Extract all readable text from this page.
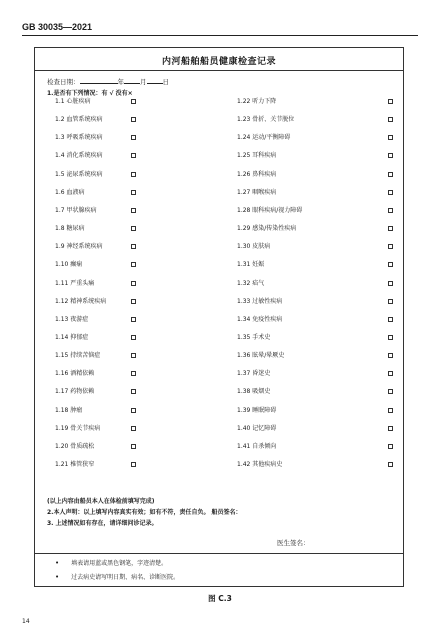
GB 30035—2021
内河船舶船员健康检查记录
检查日期：	年 月 日
1.是否有下列情况：有 √ 没有×
1.1 心脏疾病
1.2 血管系统疾病
1.3 呼吸系统疾病
1.4 消化系统疾病
1.5 泌尿系统疾病
1.6 血液病
1.7 甲状腺疾病
1.8 糖尿病
1.9 神经系统疾病
1.10 癫痫
1.11 严重头痛
1.12 精神系统疾病
1.13 夜游症
1.14 抑郁症
1.15 持续苦恼症
1.16 酒精依赖
1.17 药物依赖
1.18 肿瘤
1.19 骨关节疾病
1.20 骨质疏松
1.21 椎管狭窄
1.22 听力下降
1.23 骨折、关节脱位
1.24 运动/平衡障碍
1.25 耳科疾病
1.26 鼻科疾病
1.27 咽喉疾病
1.28 眼科疾病/视力障碍
1.29 感染/传染性疾病
1.30 皮肤病
1.31 妊娠
1.32 疝气
1.33 过敏性疾病
1.34 免疫性疾病
1.35 手术史
1.36 眩晕/晕厥史
1.37 昏迷史
1.38 吸烟史
1.39 睡眠障碍
1.40 记忆障碍
1.41 自杀倾向
1.42 其他疾病史
(以上内容由船员本人在体检前填写完成)
2.本人声明：以上填写内容真实有效；如有不符，责任自负。 船员签名：
3. 上述情况如有存在，请详细问诊记录。
医生签名：
• 填表请用蓝或黑色钢笔，字迹清楚。
• 过去病史请写明日期、病名、诊断医院。
图 C.3
14
